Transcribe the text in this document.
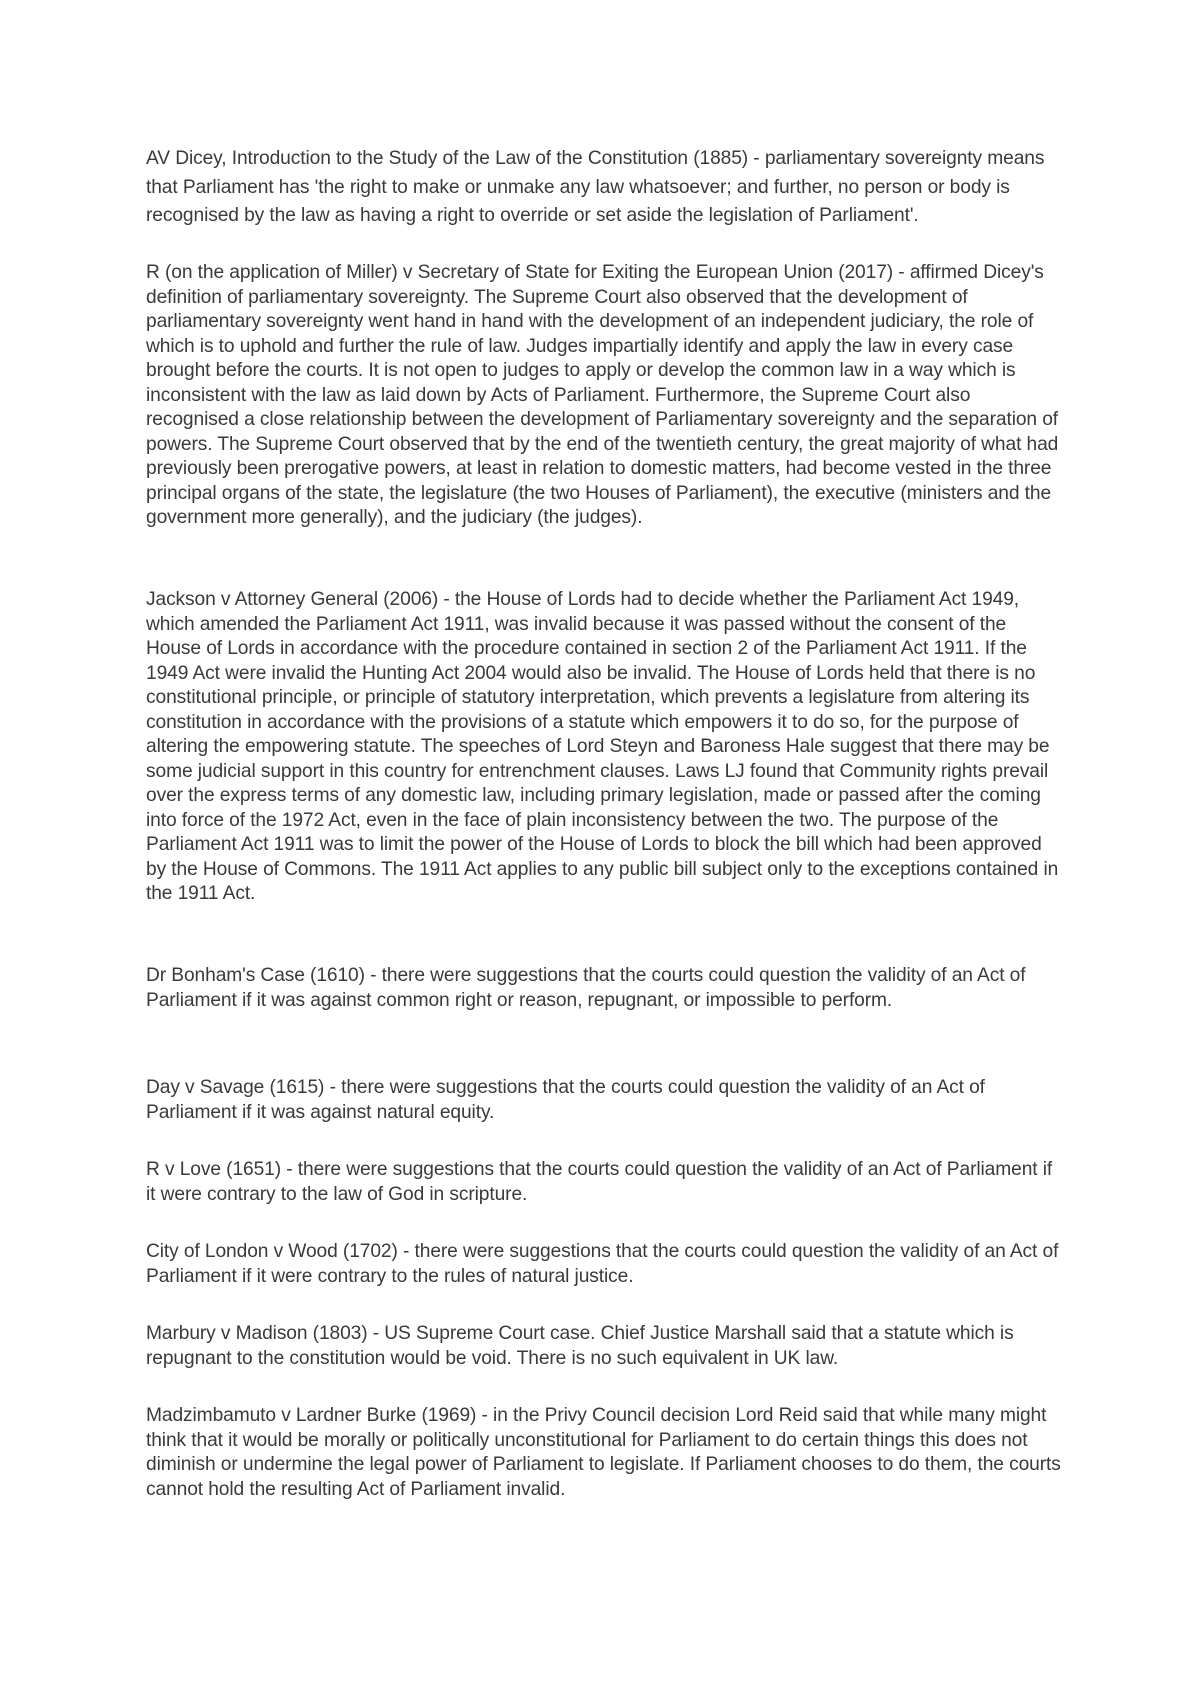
AV Dicey, Introduction to the Study of the Law of the Constitution (1885) - parliamentary sovereignty means that Parliament has 'the right to make or unmake any law whatsoever; and further, no person or body is recognised by the law as having a right to override or set aside the legislation of Parliament'.

R (on the application of Miller) v Secretary of State for Exiting the European Union (2017) - affirmed Dicey's definition of parliamentary sovereignty. The Supreme Court also observed that the development of parliamentary sovereignty went hand in hand with the development of an independent judiciary, the role of which is to uphold and further the rule of law. Judges impartially identify and apply the law in every case brought before the courts. It is not open to judges to apply or develop the common law in a way which is inconsistent with the law as laid down by Acts of Parliament. Furthermore, the Supreme Court also recognised a close relationship between the development of Parliamentary sovereignty and the separation of powers. The Supreme Court observed that by the end of the twentieth century, the great majority of what had previously been prerogative powers, at least in relation to domestic matters, had become vested in the three principal organs of the state, the legislature (the two Houses of Parliament), the executive (ministers and the government more generally), and the judiciary (the judges).

Jackson v Attorney General (2006) - the House of Lords had to decide whether the Parliament Act 1949, which amended the Parliament Act 1911, was invalid because it was passed without the consent of the House of Lords in accordance with the procedure contained in section 2 of the Parliament Act 1911. If the 1949 Act were invalid the Hunting Act 2004 would also be invalid. The House of Lords held that there is no constitutional principle, or principle of statutory interpretation, which prevents a legislature from altering its constitution in accordance with the provisions of a statute which empowers it to do so, for the purpose of altering the empowering statute. The speeches of Lord Steyn and Baroness Hale suggest that there may be some judicial support in this country for entrenchment clauses. Laws LJ found that Community rights prevail over the express terms of any domestic law, including primary legislation, made or passed after the coming into force of the 1972 Act, even in the face of plain inconsistency between the two. The purpose of the Parliament Act 1911 was to limit the power of the House of Lords to block the bill which had been approved by the House of Commons. The 1911 Act applies to any public bill subject only to the exceptions contained in the 1911 Act.

Dr Bonham's Case (1610) - there were suggestions that the courts could question the validity of an Act of Parliament if it was against common right or reason, repugnant, or impossible to perform.

Day v Savage (1615) - there were suggestions that the courts could question the validity of an Act of Parliament if it was against natural equity.

R v Love (1651) - there were suggestions that the courts could question the validity of an Act of Parliament if it were contrary to the law of God in scripture.

City of London v Wood (1702) - there were suggestions that the courts could question the validity of an Act of Parliament if it were contrary to the rules of natural justice.

Marbury v Madison (1803) - US Supreme Court case. Chief Justice Marshall said that a statute which is repugnant to the constitution would be void. There is no such equivalent in UK law.

Madzimbamuto v Lardner Burke (1969) - in the Privy Council decision Lord Reid said that while many might think that it would be morally or politically unconstitutional for Parliament to do certain things this does not diminish or undermine the legal power of Parliament to legislate. If Parliament chooses to do them, the courts cannot hold the resulting Act of Parliament invalid.
